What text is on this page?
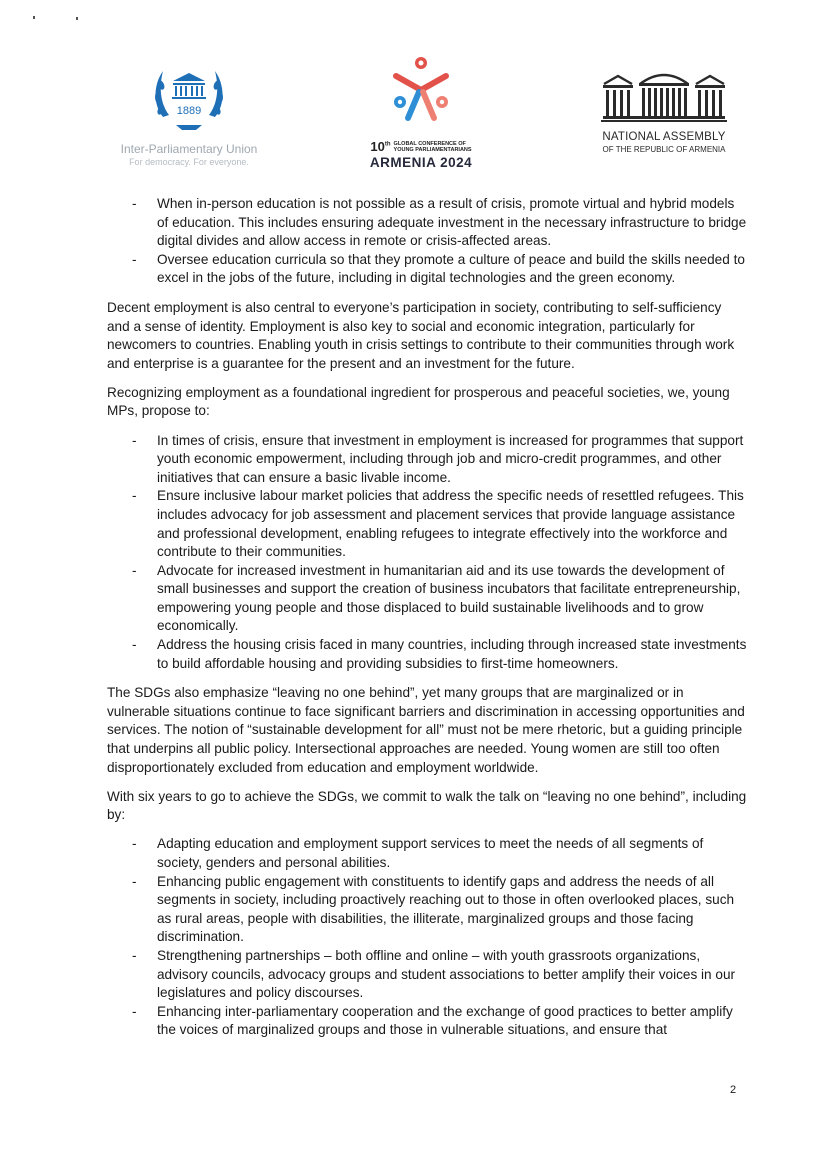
1889
Inter-Parliamentary Union
For democracy. For everyone.
10th GLOBAL CONFERENCE OF
YOUNG PARLIAMENTARIANS
ARMENIA 2024
NATIONAL ASSEMBLY
OF THE REPUBLIC OF ARMENIA
- When in-person education is not possible as a result of crisis, promote virtual and hybrid models of education. This includes ensuring adequate investment in the necessary infrastructure to bridge digital divides and allow access in remote or crisis-affected areas.
- Oversee education curricula so that they promote a culture of peace and build the skills needed to excel in the jobs of the future, including in digital technologies and the green economy.

Decent employment is also central to everyone’s participation in society, contributing to self-sufficiency and a sense of identity. Employment is also key to social and economic integration, particularly for newcomers to countries. Enabling youth in crisis settings to contribute to their communities through work and enterprise is a guarantee for the present and an investment for the future.

Recognizing employment as a foundational ingredient for prosperous and peaceful societies, we, young MPs, propose to:

- In times of crisis, ensure that investment in employment is increased for programmes that support youth economic empowerment, including through job and micro-credit programmes, and other initiatives that can ensure a basic livable income.
- Ensure inclusive labour market policies that address the specific needs of resettled refugees. This includes advocacy for job assessment and placement services that provide language assistance and professional development, enabling refugees to integrate effectively into the workforce and contribute to their communities.
- Advocate for increased investment in humanitarian aid and its use towards the development of small businesses and support the creation of business incubators that facilitate entrepreneurship, empowering young people and those displaced to build sustainable livelihoods and to grow economically.
- Address the housing crisis faced in many countries, including through increased state investments to build affordable housing and providing subsidies to first-time homeowners.

The SDGs also emphasize “leaving no one behind”, yet many groups that are marginalized or in vulnerable situations continue to face significant barriers and discrimination in accessing opportunities and services. The notion of “sustainable development for all” must not be mere rhetoric, but a guiding principle that underpins all public policy. Intersectional approaches are needed. Young women are still too often disproportionately excluded from education and employment worldwide.

With six years to go to achieve the SDGs, we commit to walk the talk on “leaving no one behind”, including by:

- Adapting education and employment support services to meet the needs of all segments of society, genders and personal abilities.
- Enhancing public engagement with constituents to identify gaps and address the needs of all segments in society, including proactively reaching out to those in often overlooked places, such as rural areas, people with disabilities, the illiterate, marginalized groups and those facing discrimination.
- Strengthening partnerships – both offline and online – with youth grassroots organizations, advisory councils, advocacy groups and student associations to better amplify their voices in our legislatures and policy discourses.
- Enhancing inter-parliamentary cooperation and the exchange of good practices to better amplify the voices of marginalized groups and those in vulnerable situations, and ensure that
2
